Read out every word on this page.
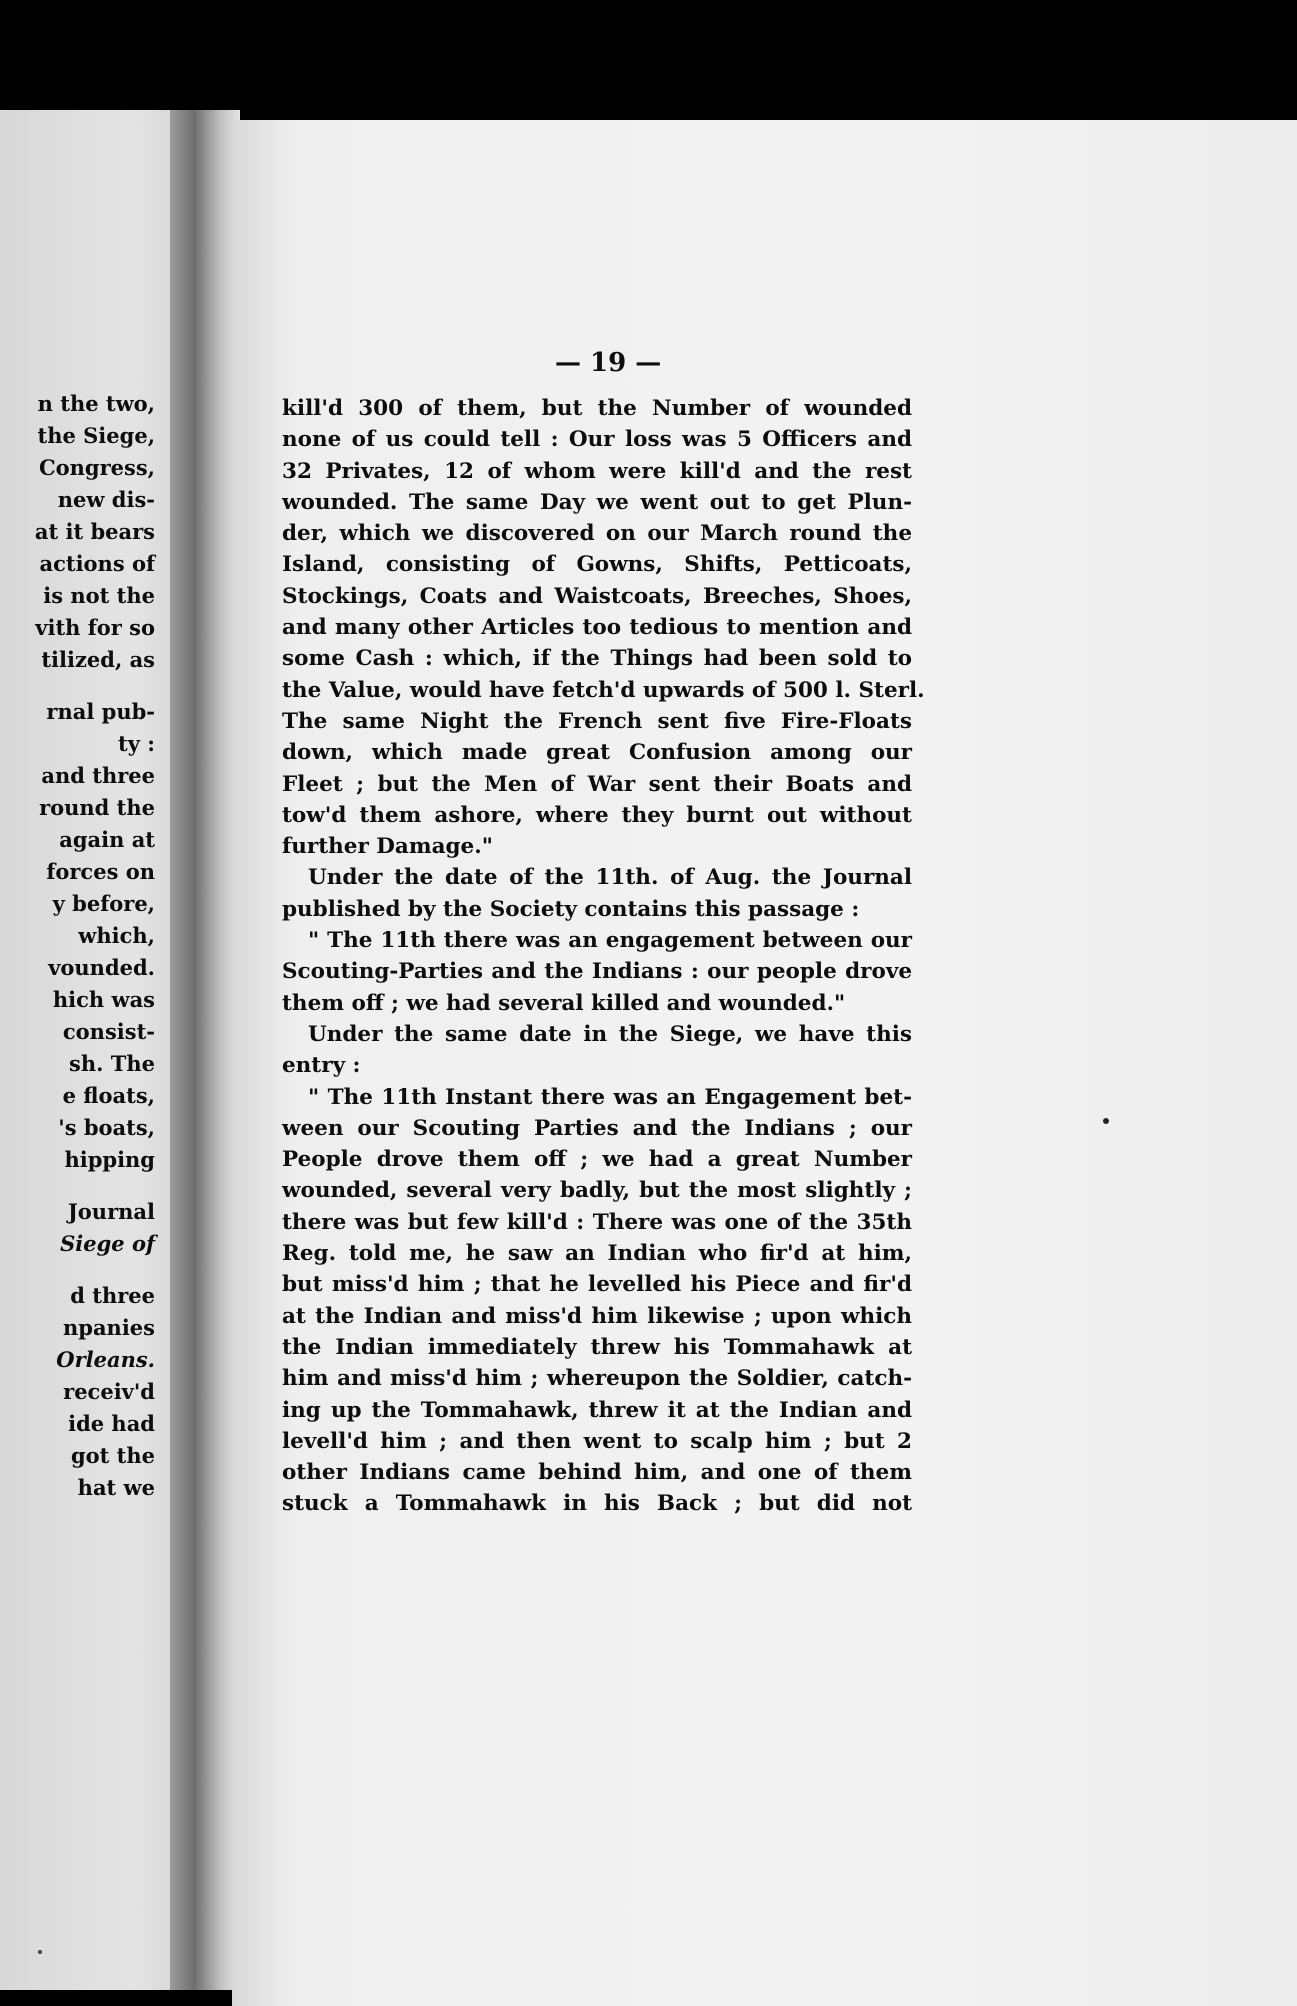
n the two,
the Siege,
Congress,
new dis-
at it bears
actions of
is not the
vith for so
tilized, as
rnal pub-
ty :
and three
round the
again at
forces on
y before,
which,
vounded.
hich was
consist-
sh. The
e floats,
's boats,
hipping
Journal
Siege of
d three
npanies
Orleans.
receiv'd
ide had
got the
hat we
— 19 —
kill'd 300 of them, but the Number of wounded
none of us could tell : Our loss was 5 Officers and
32 Privates, 12 of whom were kill'd and the rest
wounded. The same Day we went out to get Plun-
der, which we discovered on our March round the
Island, consisting of Gowns, Shifts, Petticoats,
Stockings, Coats and Waistcoats, Breeches, Shoes,
and many other Articles too tedious to mention and
some Cash : which, if the Things had been sold to
the Value, would have fetch'd upwards of 500 l. Sterl.
The same Night the French sent five Fire-Floats
down, which made great Confusion among our
Fleet ; but the Men of War sent their Boats and
tow'd them ashore, where they burnt out without
further Damage."
Under the date of the 11th. of Aug. the Journal
published by the Society contains this passage :
" The 11th there was an engagement between our
Scouting-Parties and the Indians : our people drove
them off ; we had several killed and wounded."
Under the same date in the Siege, we have this
entry :
" The 11th Instant there was an Engagement bet-
ween our Scouting Parties and the Indians ; our
People drove them off ; we had a great Number
wounded, several very badly, but the most slightly ;
there was but few kill'd : There was one of the 35th
Reg. told me, he saw an Indian who fir'd at him,
but miss'd him ; that he levelled his Piece and fir'd
at the Indian and miss'd him likewise ; upon which
the Indian immediately threw his Tommahawk at
him and miss'd him ; whereupon the Soldier, catch-
ing up the Tommahawk, threw it at the Indian and
levell'd him ; and then went to scalp him ; but 2
other Indians came behind him, and one of them
stuck a Tommahawk in his Back ; but did not
